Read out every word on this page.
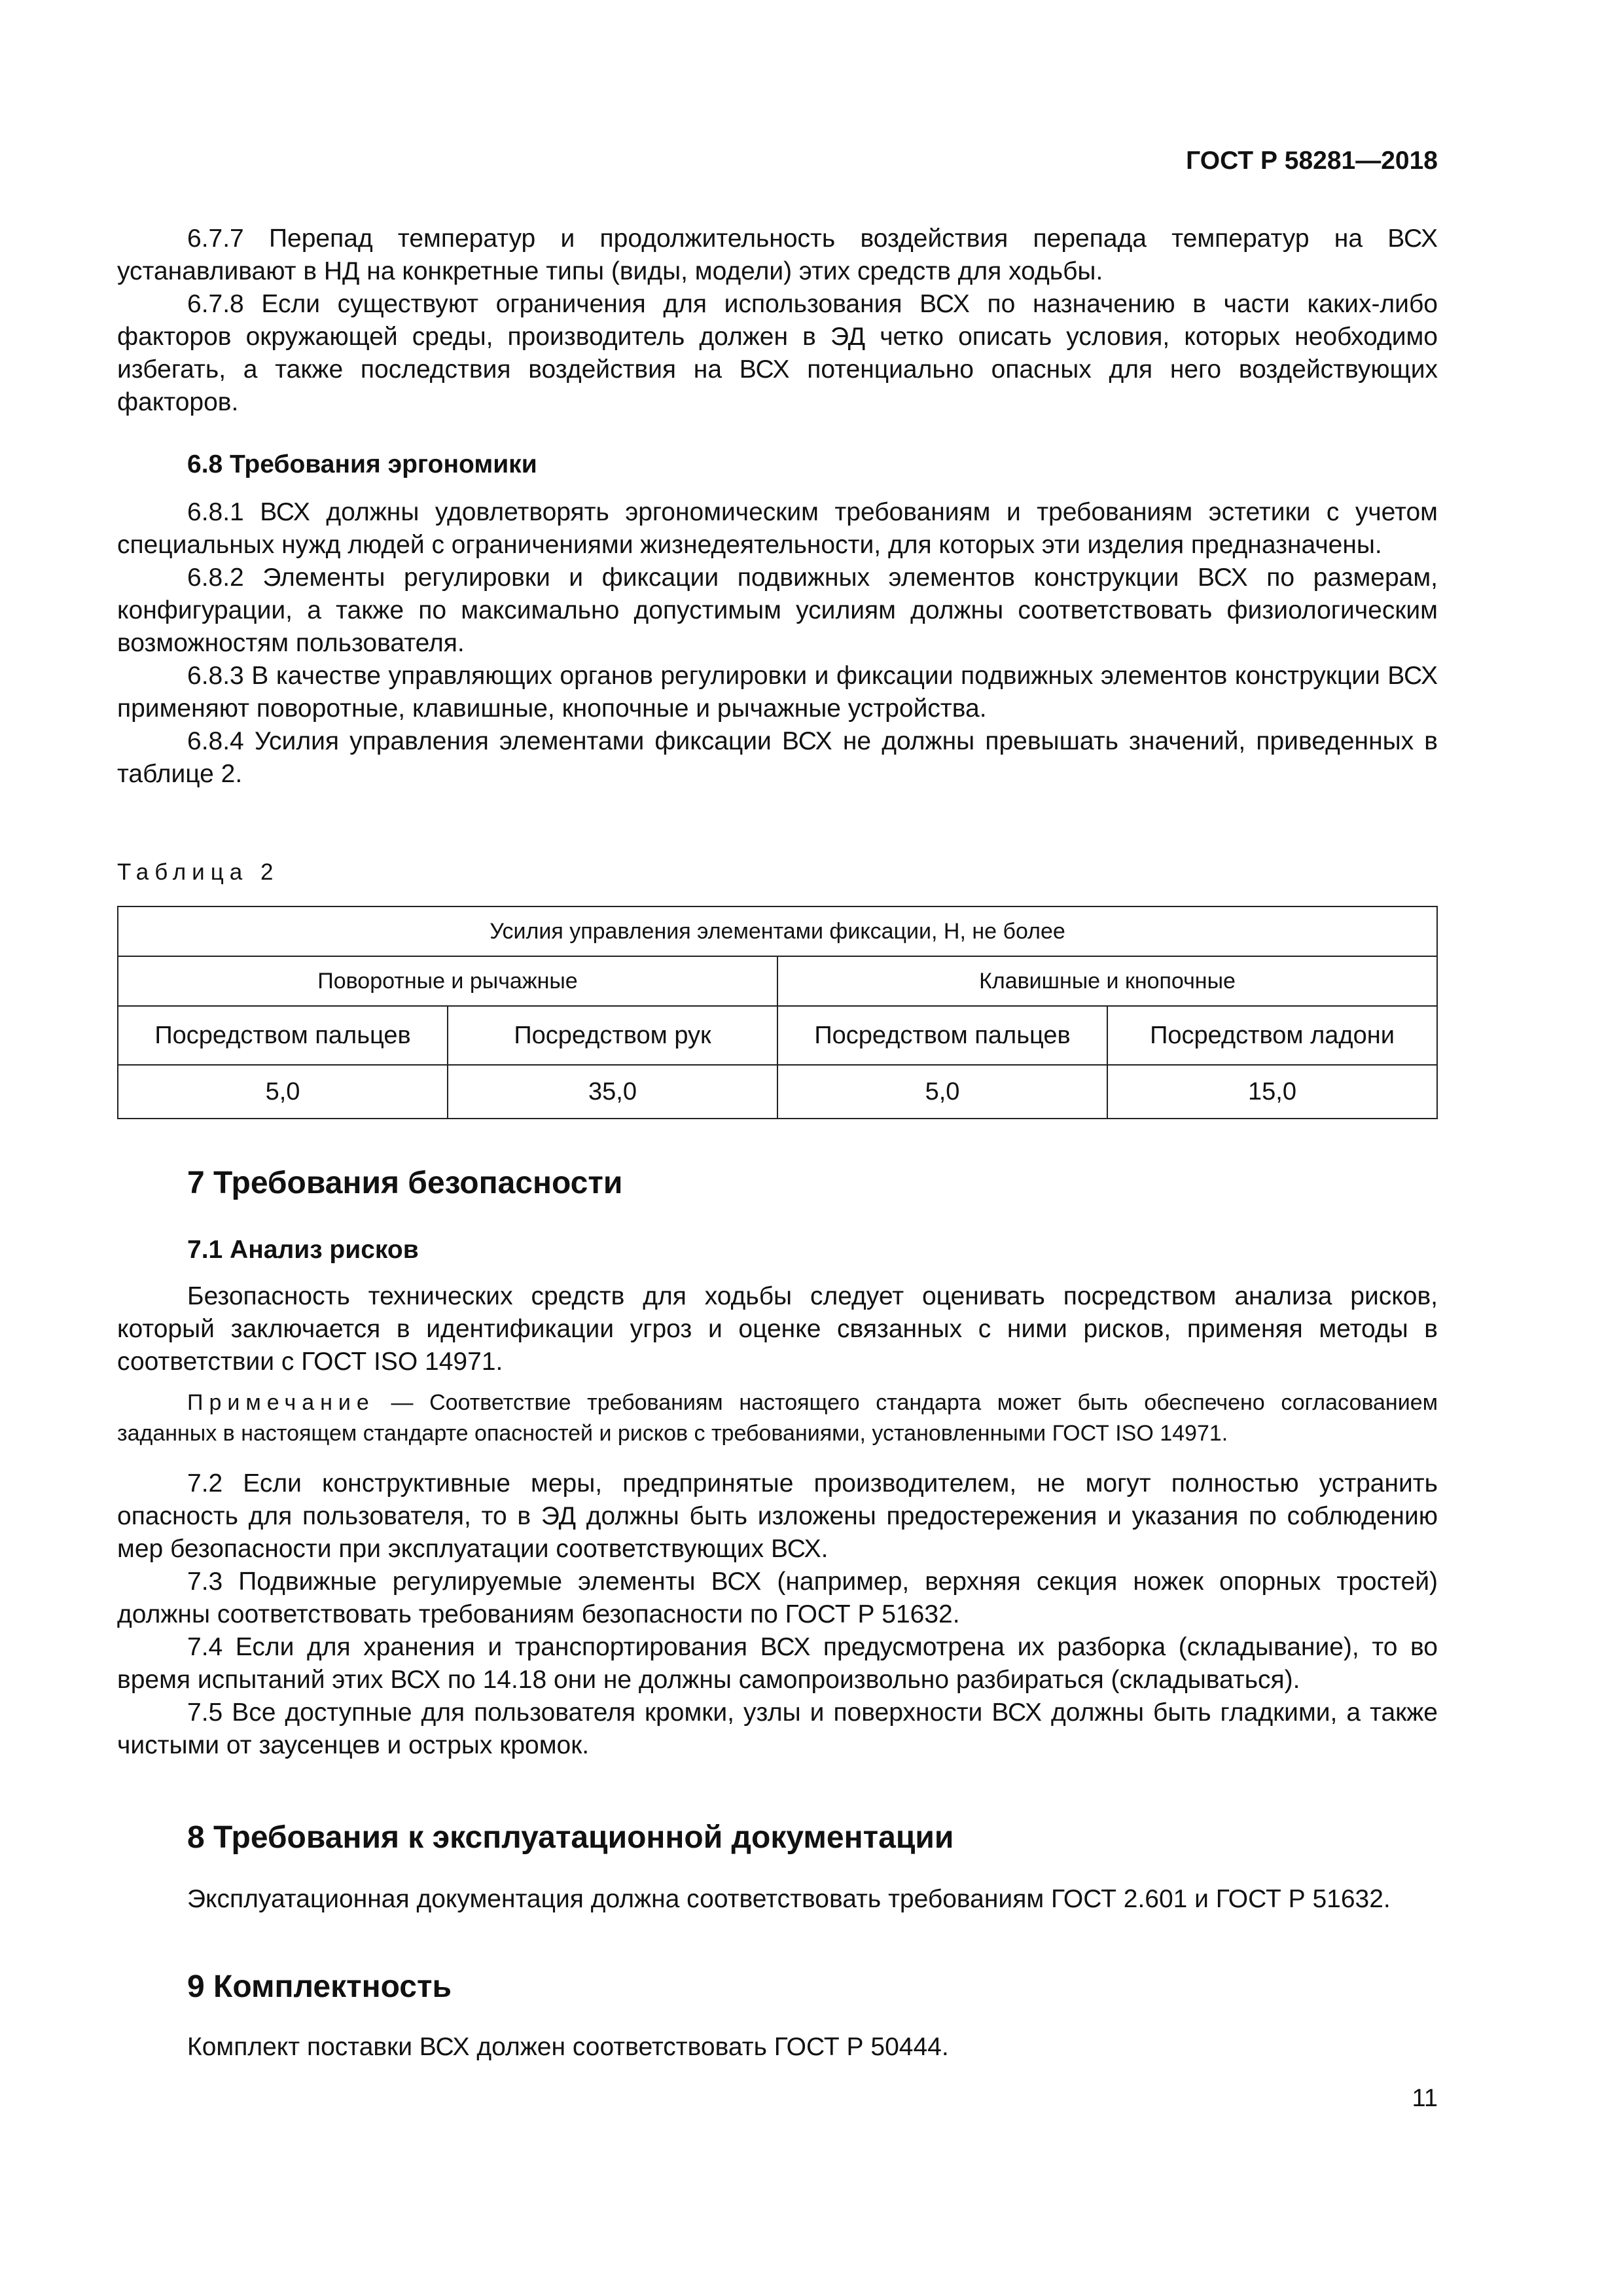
ГОСТ Р 58281—2018

6.7.7 Перепад температур и продолжительность воздействия перепада температур на ВСХ устанавливают в НД на конкретные типы (виды, модели) этих средств для ходьбы.

6.7.8 Если существуют ограничения для использования ВСХ по назначению в части каких-либо факторов окружающей среды, производитель должен в ЭД четко описать условия, которых необходимо избегать, а также последствия воздействия на ВСХ потенциально опасных для него воздействующих факторов.

6.8 Требования эргономики

6.8.1 ВСХ должны удовлетворять эргономическим требованиям и требованиям эстетики с учетом специальных нужд людей с ограничениями жизнедеятельности, для которых эти изделия предназначены.

6.8.2 Элементы регулировки и фиксации подвижных элементов конструкции ВСХ по размерам, конфигурации, а также по максимально допустимым усилиям должны соответствовать физиологическим возможностям пользователя.

6.8.3 В качестве управляющих органов регулировки и фиксации подвижных элементов конструкции ВСХ применяют поворотные, клавишные, кнопочные и рычажные устройства.

6.8.4 Усилия управления элементами фиксации ВСХ не должны превышать значений, приведенных в таблице 2.

Таблица 2

Усилия управления элементами фиксации, Н, не более			
Поворотные и рычажные		Клавишные и кнопочные	
Посредством пальцев	Посредством рук	Посредством пальцев	Посредством ладони
5,0	35,0	5,0	15,0

7 Требования безопасности

7.1 Анализ рисков

Безопасность технических средств для ходьбы следует оценивать посредством анализа рисков, который заключается в идентификации угроз и оценке связанных с ними рисков, применяя методы в соответствии с ГОСТ ISO 14971.

Примечание — Соответствие требованиям настоящего стандарта может быть обеспечено согласованием заданных в настоящем стандарте опасностей и рисков с требованиями, установленными ГОСТ ISO 14971.

7.2 Если конструктивные меры, предпринятые производителем, не могут полностью устранить опасность для пользователя, то в ЭД должны быть изложены предостережения и указания по соблюдению мер безопасности при эксплуатации соответствующих ВСХ.

7.3 Подвижные регулируемые элементы ВСХ (например, верхняя секция ножек опорных тростей) должны соответствовать требованиям безопасности по ГОСТ Р 51632.

7.4 Если для хранения и транспортирования ВСХ предусмотрена их разборка (складывание), то во время испытаний этих ВСХ по 14.18 они не должны самопроизвольно разбираться (складываться).

7.5 Все доступные для пользователя кромки, узлы и поверхности ВСХ должны быть гладкими, а также чистыми от заусенцев и острых кромок.

8 Требования к эксплуатационной документации

Эксплуатационная документация должна соответствовать требованиям ГОСТ 2.601 и ГОСТ Р 51632.

9 Комплектность

Комплект поставки ВСХ должен соответствовать ГОСТ Р 50444.

11
